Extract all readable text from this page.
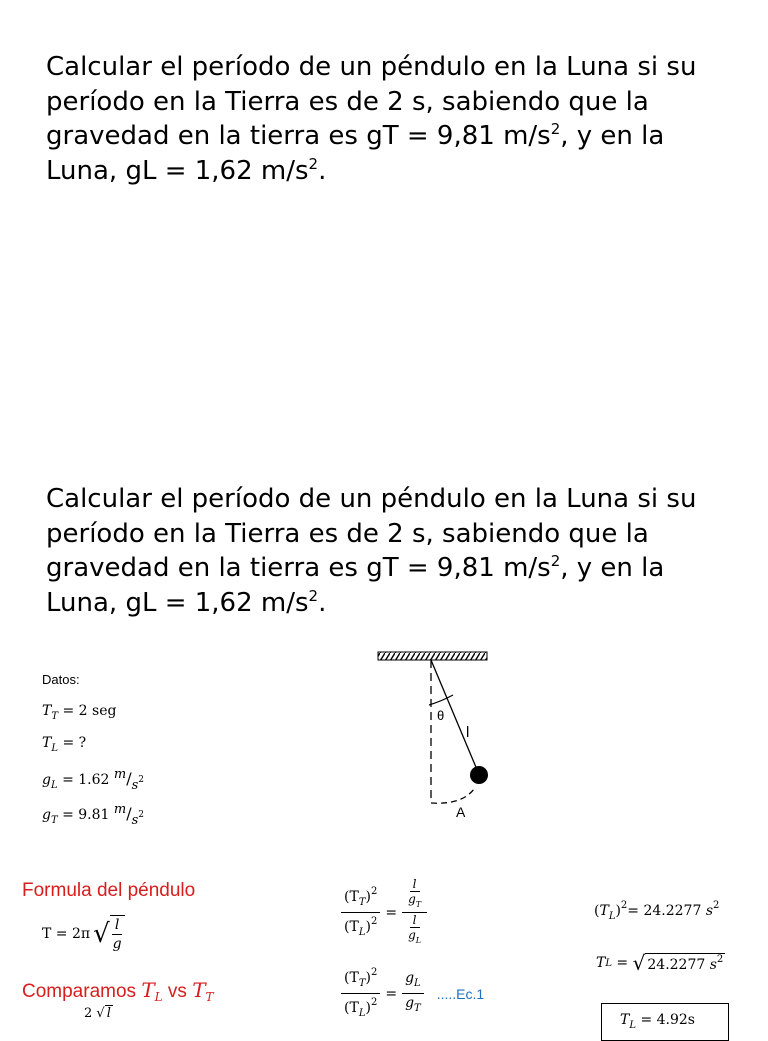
Calcular el período de un péndulo en la Luna si su
período en la Tierra es de 2 s, sabiendo que la
gravedad en la tierra es gT = 9,81 $m/s^2$, y en la
Luna, gL = 1,62 $m/s^2$.
Calcular el período de un péndulo en la Luna si su
período en la Tierra es de 2 s, sabiendo que la
gravedad en la tierra es gT = 9,81 $m/s^2$, y en la
Luna, gL = 1,62 $m/s^2$.
Datos:
$T_T = 2$ seg
$T_L$ = ?
$g_L = 1.62$ m/s2
$g_T = 9.81$ m/s2
θ
l
A
Formula del péndulo
T = 2π √ $\frac{l}{g}$
Comparamos $T_L$ vs $T_T$
2 √ l
$\frac{(T_T)^2}{(T_L)^2} = \frac{\frac{l}{g_T}}{\frac{l}{g_L}}$
$\frac{(T_T)^2}{(T_L)^2} = \frac{g_L}{g_T} .....Ec.1$
$(T_L)^2= 24.2277$ $s^2$
T L = √ 24.2277 $s^2$
$T_L = 4.92s$
